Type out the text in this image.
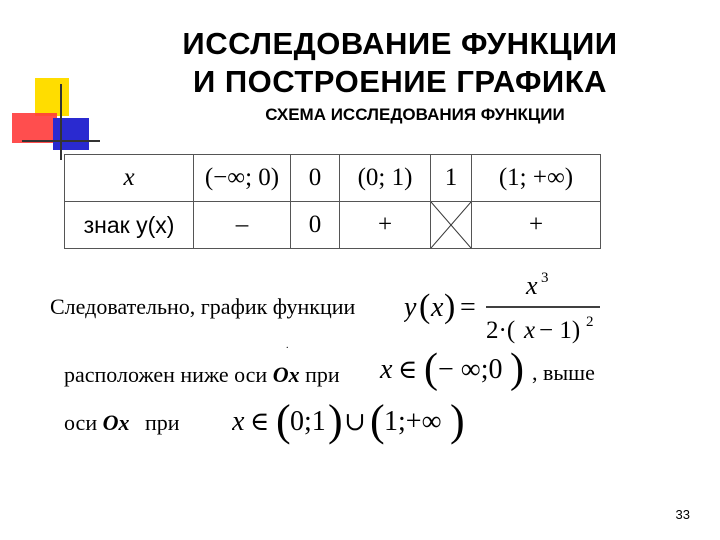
ИССЛЕДОВАНИЕ ФУНКЦИИ
И ПОСТРОЕНИЕ ГРАФИКА
СХЕМА ИССЛЕДОВАНИЯ ФУНКЦИИ
x	(−∞; 0)	0	(0; 1)	1	(1; +∞)
знак y(x)	–	0	+		+
Следовательно, график функции y ( x ) =
x 3
2·( x − 1) 2
.
расположен ниже оси Ox при x ∈ ( − ∞;0 ) , выше
оси Ox при x ∈ ( 0;1 ) ∪ ( 1;+∞ )
33
